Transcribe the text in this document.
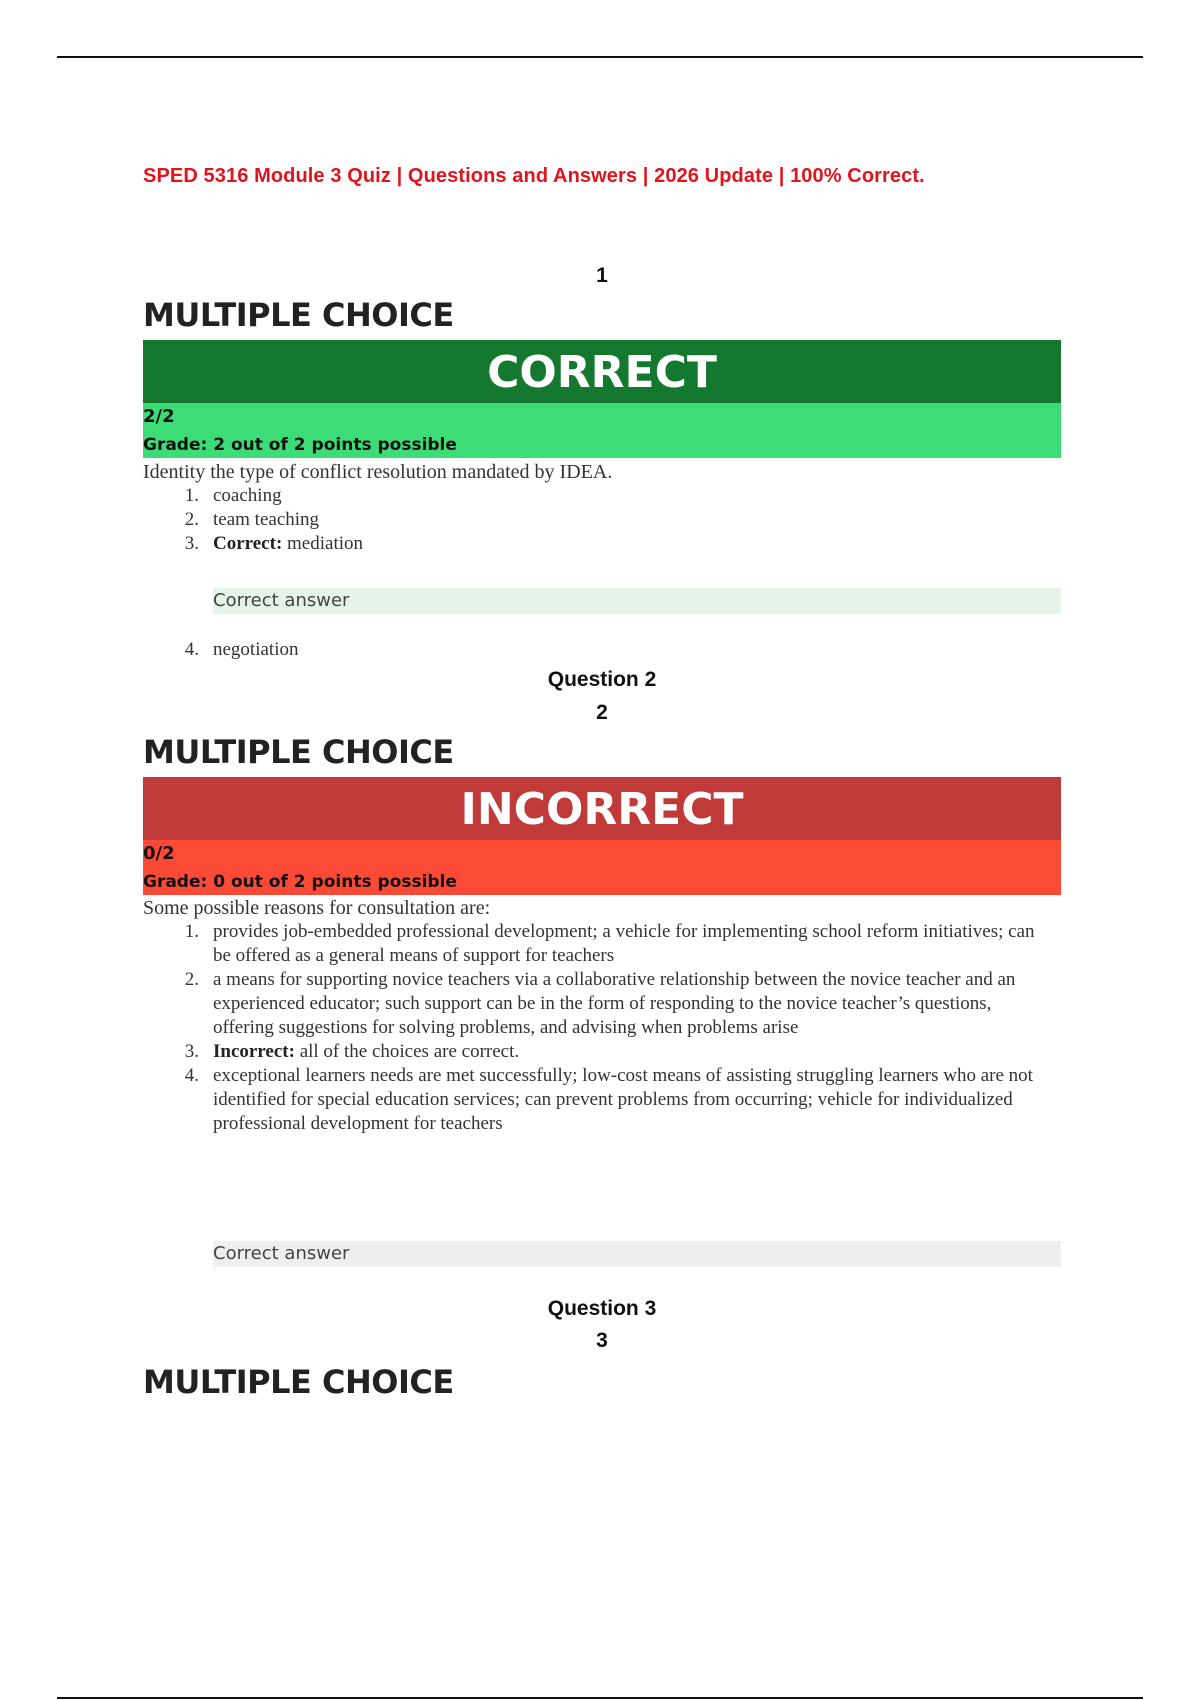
SPED 5316 Module 3 Quiz | Questions and Answers | 2026 Update | 100% Correct.
1
MULTIPLE CHOICE
CORRECT
2/2
Grade: 2 out of 2 points possible
Identity the type of conflict resolution mandated by IDEA.
1. coaching
2. team teaching
3. Correct: mediation
Correct answer
4. negotiation
Question 2
2
MULTIPLE CHOICE
INCORRECT
0/2
Grade: 0 out of 2 points possible
Some possible reasons for consultation are:
1. provides job-embedded professional development; a vehicle for implementing school reform initiatives; can be offered as a general means of support for teachers
2. a means for supporting novice teachers via a collaborative relationship between the novice teacher and an experienced educator; such support can be in the form of responding to the novice teacher’s questions, offering suggestions for solving problems, and advising when problems arise
3. Incorrect: all of the choices are correct.
4. exceptional learners needs are met successfully; low-cost means of assisting struggling learners who are not identified for special education services; can prevent problems from occurring; vehicle for individualized professional development for teachers
Correct answer
Question 3
3
MULTIPLE CHOICE
